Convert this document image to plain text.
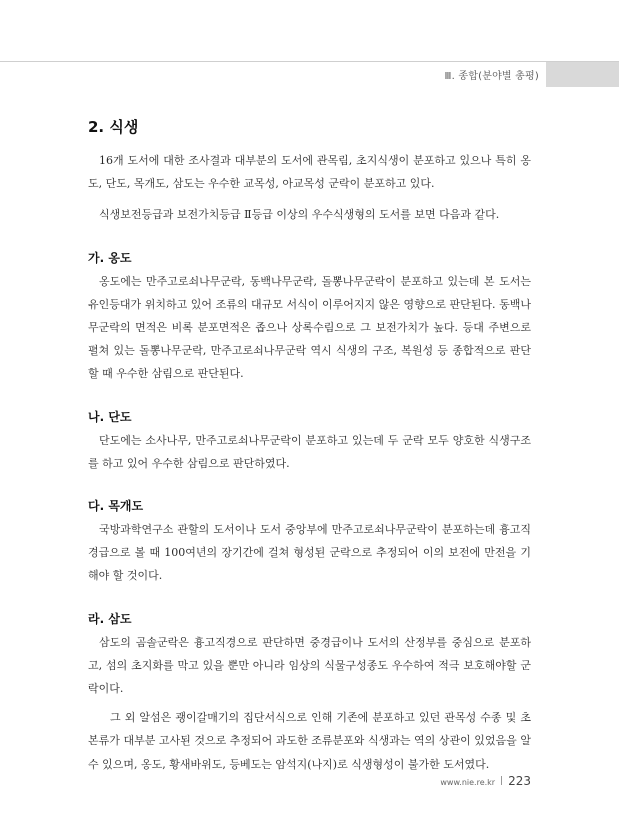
Ⅲ. 종합(분야별 총평)
2. 식생

16개 도서에 대한 조사결과 대부분의 도서에 관목림, 초지식생이 분포하고 있으나 특히 옹도, 단도, 목개도, 삼도는 우수한 교목성, 아교목성 군락이 분포하고 있다.

식생보전등급과 보전가치등급 Ⅱ등급 이상의 우수식생형의 도서를 보면 다음과 같다.

가. 옹도

옹도에는 만주고로쇠나무군락, 동백나무군락, 돌뽕나무군락이 분포하고 있는데 본 도서는 유인등대가 위치하고 있어 조류의 대규모 서식이 이루어지지 않은 영향으로 판단된다. 동백나무군락의 면적은 비록 분포면적은 좁으나 상록수림으로 그 보전가치가 높다. 등대 주변으로 펼쳐 있는 돌뽕나무군락, 만주고로쇠나무군락 역시 식생의 구조, 복원성 등 종합적으로 판단할 때 우수한 삼림으로 판단된다.

나. 단도

단도에는 소사나무, 만주고로쇠나무군락이 분포하고 있는데 두 군락 모두 양호한 식생구조를 하고 있어 우수한 삼림으로 판단하였다.

다. 목개도

국방과학연구소 관할의 도서이나 도서 중앙부에 만주고로쇠나무군락이 분포하는데 흉고직경급으로 볼 때 100여년의 장기간에 걸쳐 형성된 군락으로 추정되어 이의 보전에 만전을 기해야 할 것이다.

라. 삼도

삼도의 곰솔군락은 흉고직경으로 판단하면 중경급이나 도서의 산정부를 중심으로 분포하고, 섬의 초지화를 막고 있을 뿐만 아니라 임상의 식물구성종도 우수하여 적극 보호해야할 군락이다.

그 외 알섬은 괭이갈매기의 집단서식으로 인해 기존에 분포하고 있던 관목성 수종 및 초본류가 대부분 고사된 것으로 추정되어 과도한 조류분포와 식생과는 역의 상관이 있었음을 알 수 있으며, 옹도, 황새바위도, 등베도는 암석지(나지)로 식생형성이 불가한 도서였다.

www.nie.re.kr 223
